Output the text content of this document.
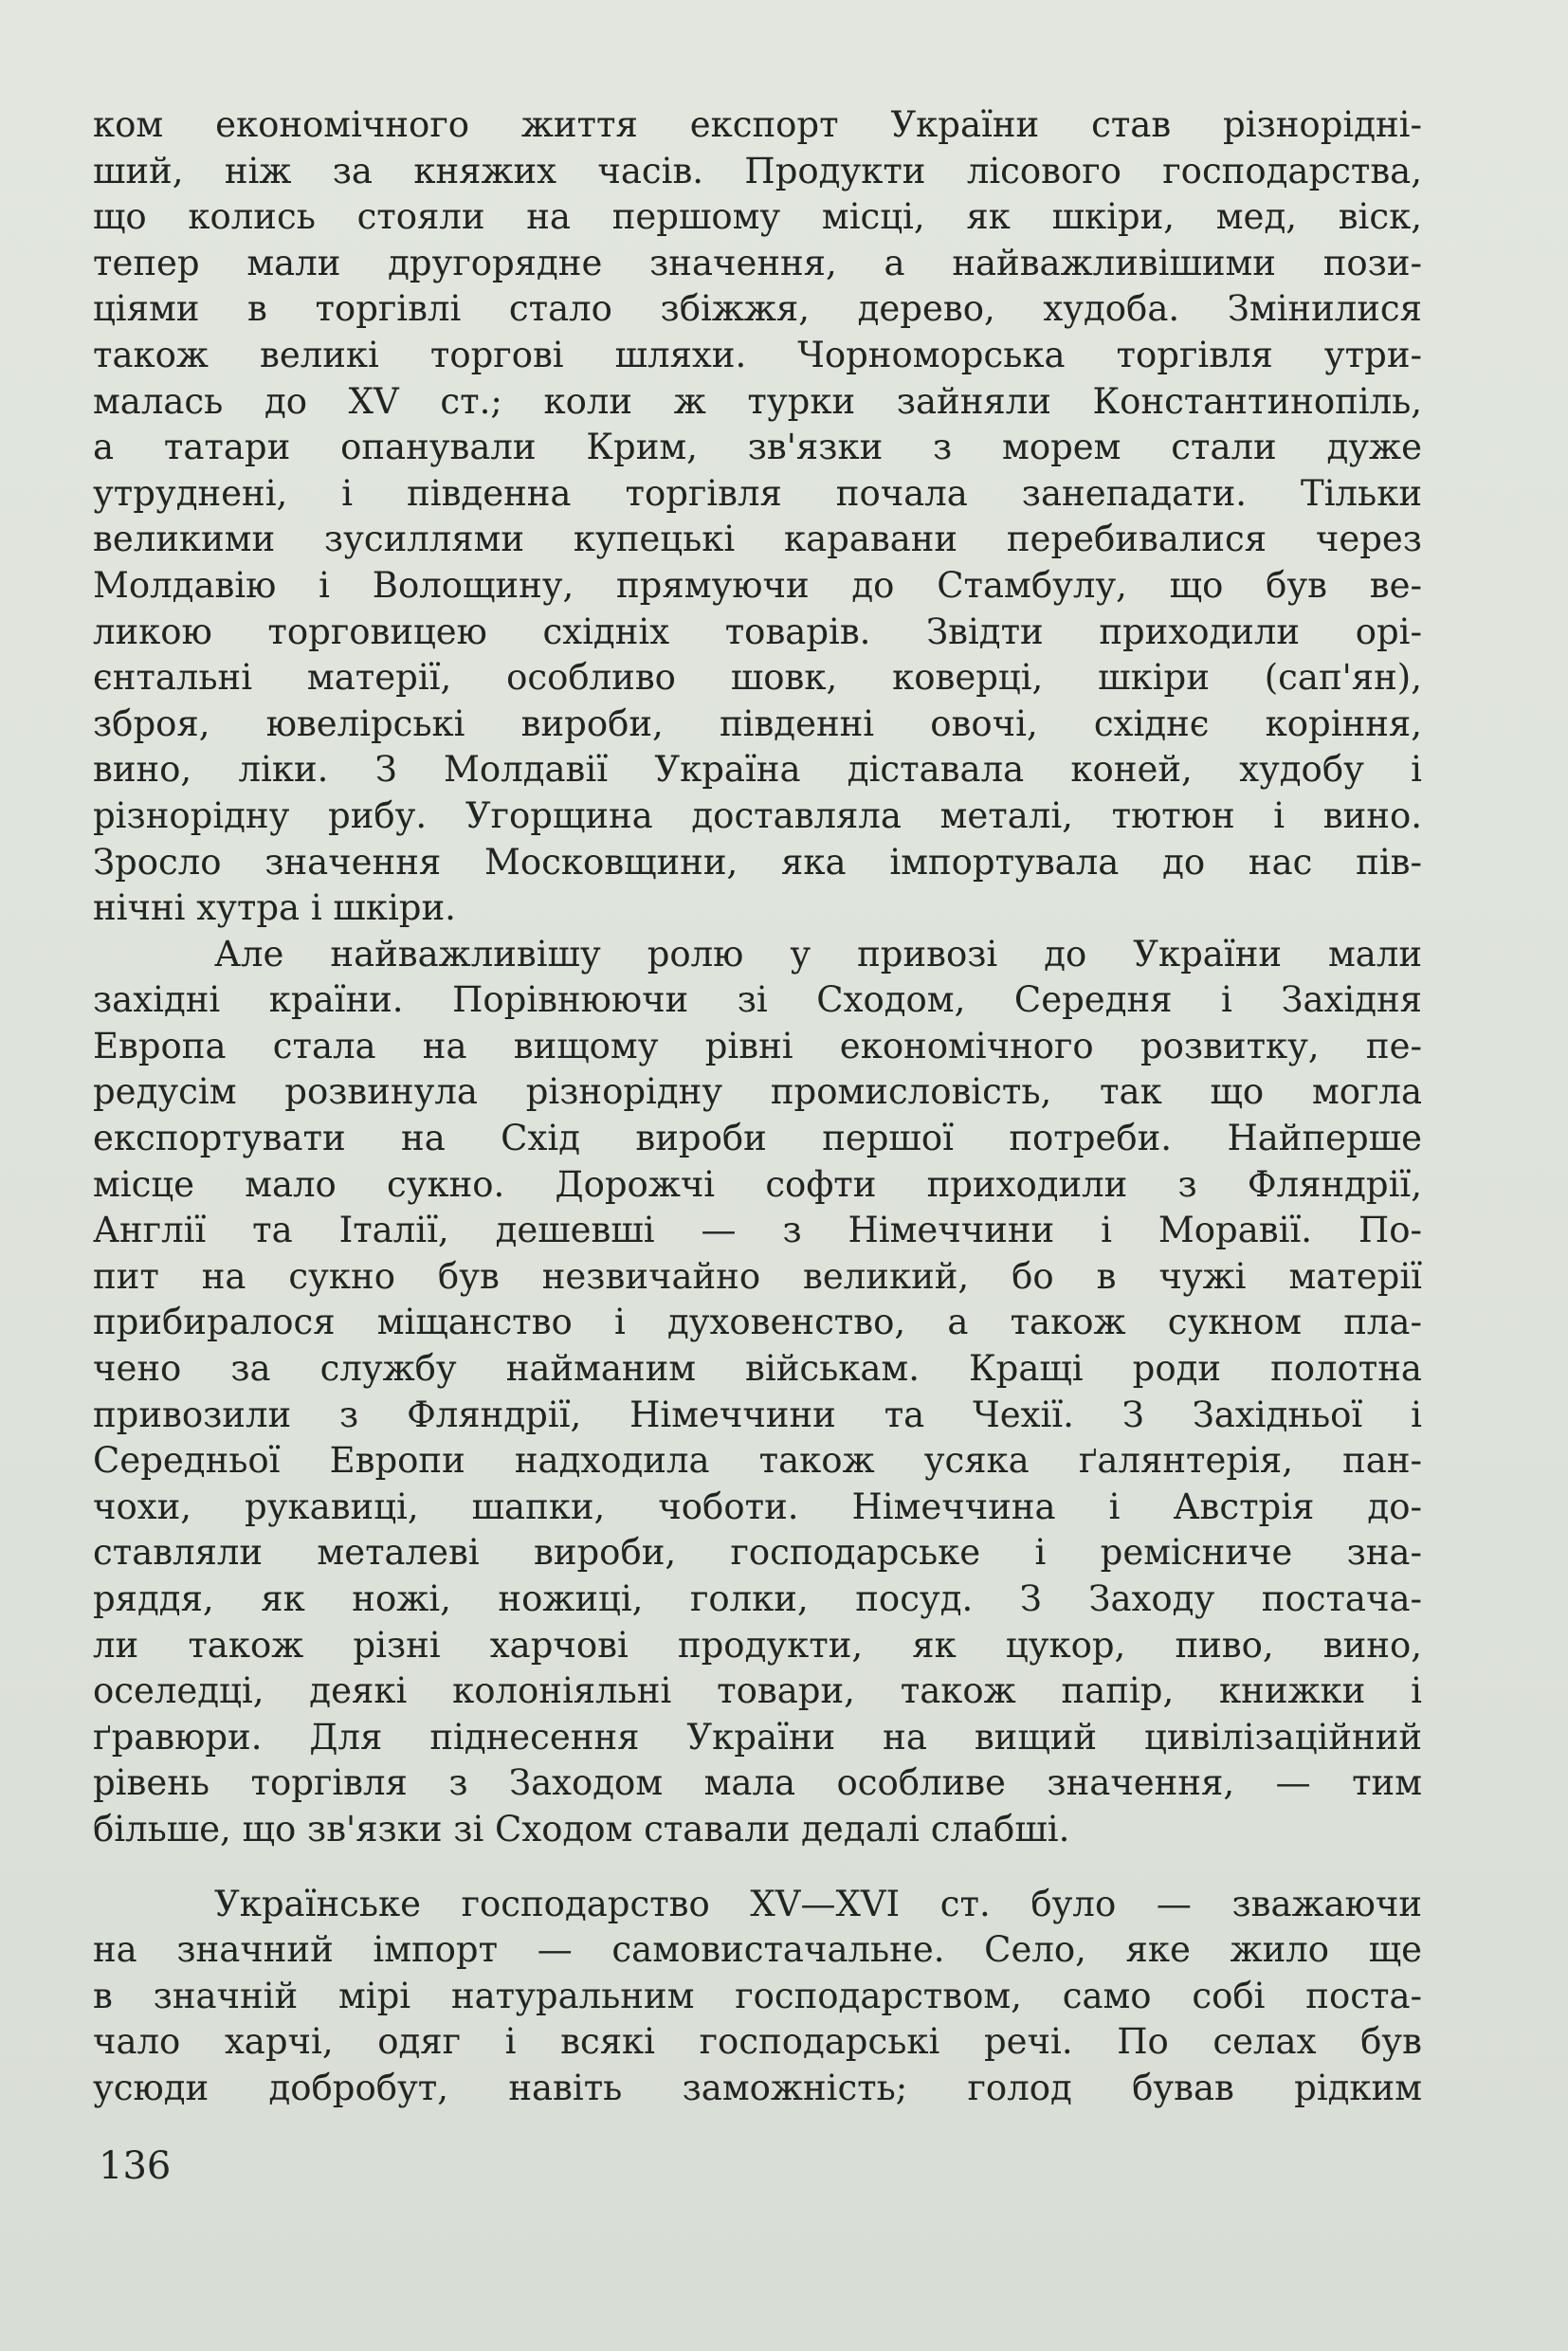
ком економічного життя експорт України став різноріднi-
ший, ніж за княжих часів. Продукти лісового господарства,
що колись стояли на першому місці, як шкіри, мед, віск,
тепер мали другорядне значення, а найважливішими пози-
ціями в торгівлі стало збіжжя, дерево, худоба. Змінилися
також великі торгові шляхи. Чорноморська торгівля утри-
малась до XV ст.; коли ж турки зайняли Константинопіль,
а татари опанували Крим, зв'язки з морем стали дуже
утруднені, і південна торгівля почала занепадати. Тільки
великими зусиллями купецькі каравани перебивалися через
Молдавію і Волощину, прямуючи до Стамбулу, що був ве-
ликою торговицею східніх товарів. Звідти приходили орі-
єнтальні матерії, особливо шовк, коверці, шкіри (сап'ян),
зброя, ювелірські вироби, південні овочі, східнє коріння,
вино, ліки. З Молдавії Україна діставала коней, худобу і
різнорідну рибу. Угорщина доставляла металі, тютюн і вино.
Зросло значення Московщини, яка імпортувала до нас пів-
нічні хутра і шкіри.
Але найважливішу ролю у привозі до України мали
західні країни. Порівнюючи зі Сходом, Середня і Західня
Европа стала на вищому рівні економічного розвитку, пе-
редусім розвинула різнорідну промисловість, так що могла
експортувати на Схід вироби першої потреби. Найперше
місце мало сукно. Дорожчі софти приходили з Фляндрії,
Англії та Італії, дешевші — з Німеччини і Моравії. По-
пит на сукно був незвичайно великий, бо в чужі матерії
прибиралося міщанство і духовенство, а також сукном пла-
чено за службу найманим військам. Кращі роди полотна
привозили з Фляндрії, Німеччини та Чехії. З Західньої і
Середньої Европи надходила також усяка ґалянтерія, пан-
чохи, рукавиці, шапки, чоботи. Німеччина і Австрія до-
ставляли металеві вироби, господарське і ремісниче зна-
ряддя, як ножі, ножиці, голки, посуд. З Заходу постача-
ли також різні харчові продукти, як цукор, пиво, вино,
оселедці, деякі колоніяльні товари, також папір, книжки і
ґравюри. Для піднесення України на вищий цивілізаційний
рівень торгівля з Заходом мала особливе значення, — тим
більше, що зв'язки зі Сходом ставали дедалі слабші.
Українське господарство XV—XVI ст. було — зважаючи
на значний імпорт — самовистачальне. Село, яке жило ще
в значній мірі натуральним господарством, само собі поста-
чало харчі, одяг і всякі господарські речі. По селах був
усюди добробут, навіть заможність; голод бував рідким
136
